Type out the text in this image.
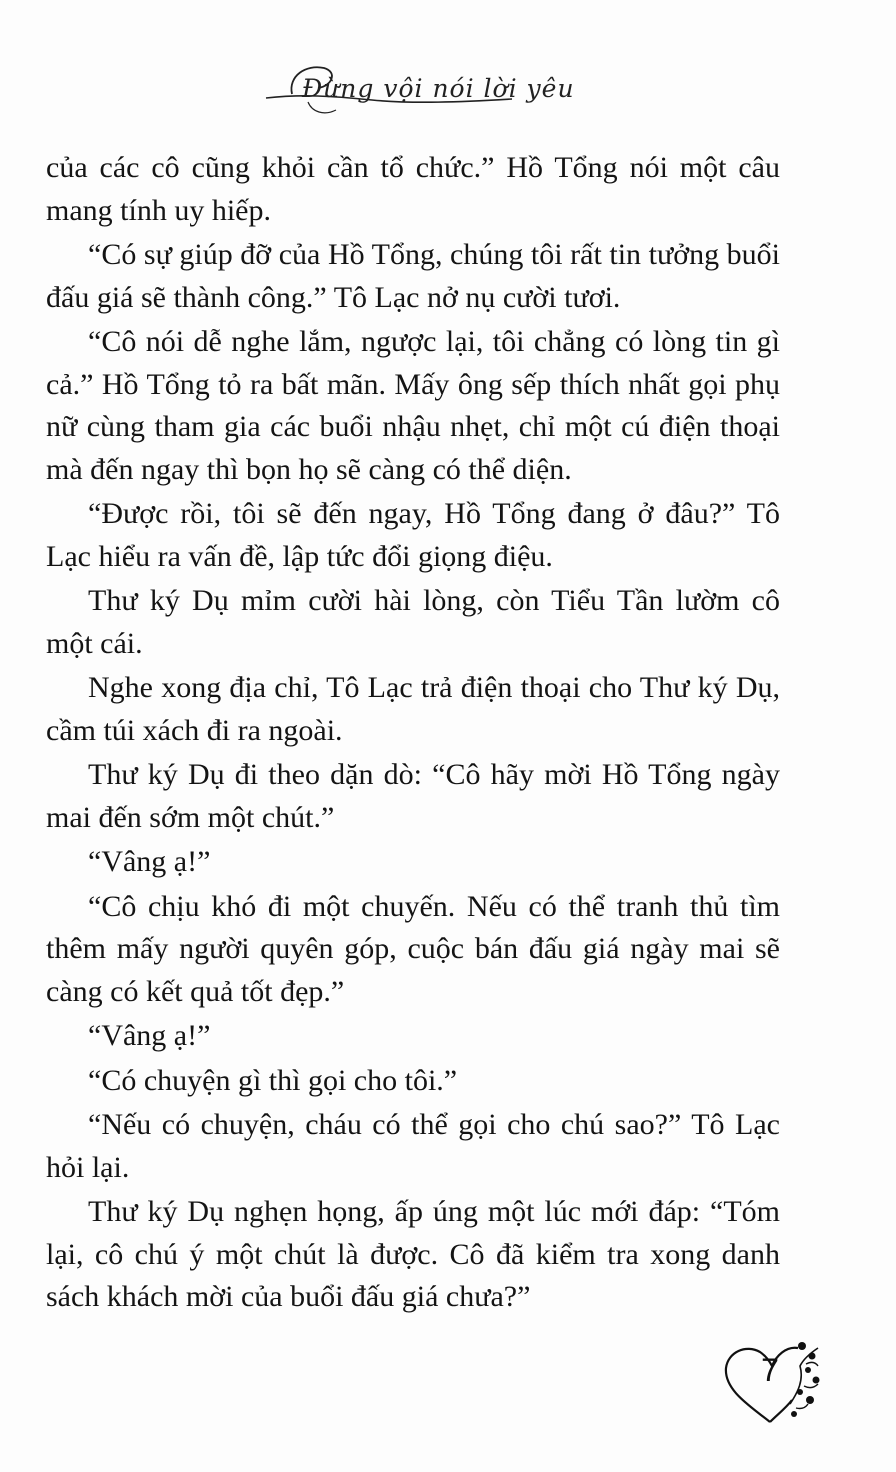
Đừng vội nói lời yêu

của các cô cũng khỏi cần tổ chức.” Hồ Tổng nói một câu mang tính uy hiếp.

“Có sự giúp đỡ của Hồ Tổng, chúng tôi rất tin tưởng buổi đấu giá sẽ thành công.” Tô Lạc nở nụ cười tươi.

“Cô nói dễ nghe lắm, ngược lại, tôi chẳng có lòng tin gì cả.” Hồ Tổng tỏ ra bất mãn. Mấy ông sếp thích nhất gọi phụ nữ cùng tham gia các buổi nhậu nhẹt, chỉ một cú điện thoại mà đến ngay thì bọn họ sẽ càng có thể diện.

“Được rồi, tôi sẽ đến ngay, Hồ Tổng đang ở đâu?” Tô Lạc hiểu ra vấn đề, lập tức đổi giọng điệu.

Thư ký Dụ mỉm cười hài lòng, còn Tiểu Tần lườm cô một cái.

Nghe xong địa chỉ, Tô Lạc trả điện thoại cho Thư ký Dụ, cầm túi xách đi ra ngoài.

Thư ký Dụ đi theo dặn dò: “Cô hãy mời Hồ Tổng ngày mai đến sớm một chút.”

“Vâng ạ!”

“Cô chịu khó đi một chuyến. Nếu có thể tranh thủ tìm thêm mấy người quyên góp, cuộc bán đấu giá ngày mai sẽ càng có kết quả tốt đẹp.”

“Vâng ạ!”

“Có chuyện gì thì gọi cho tôi.”

“Nếu có chuyện, cháu có thể gọi cho chú sao?” Tô Lạc hỏi lại.

Thư ký Dụ nghẹn họng, ấp úng một lúc mới đáp: “Tóm lại, cô chú ý một chút là được. Cô đã kiểm tra xong danh sách khách mời của buổi đấu giá chưa?”

7
